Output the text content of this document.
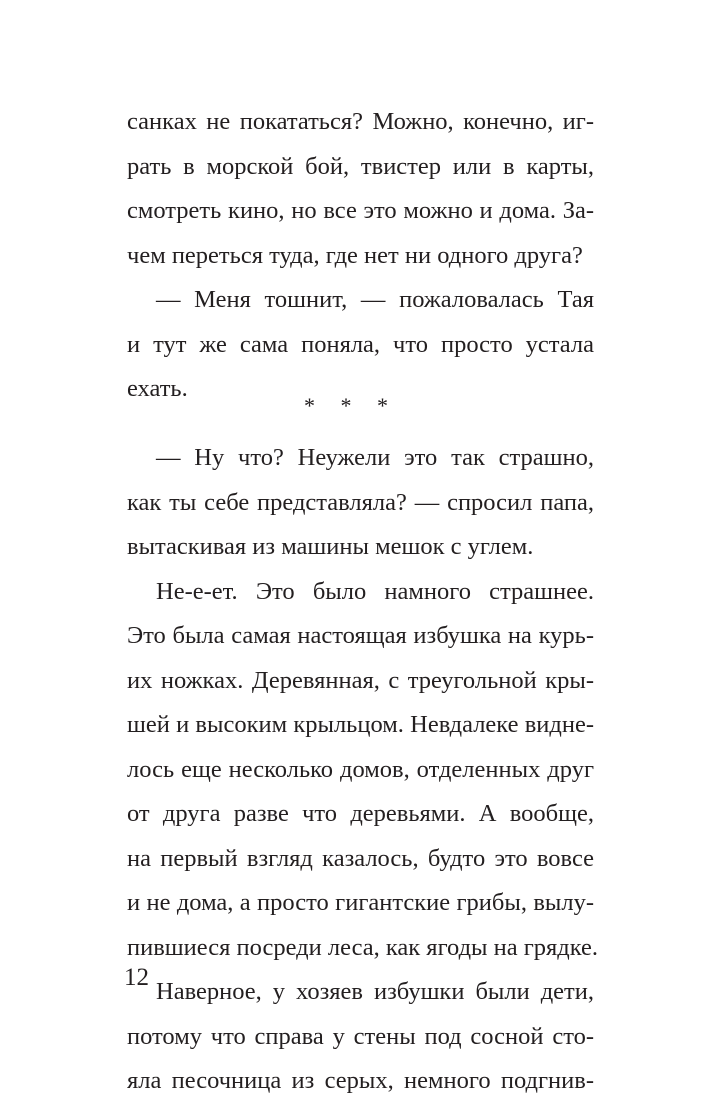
санках не покататься? Можно, конечно, иг-
рать в морской бой, твистер или в карты,
смотреть кино, но все это можно и дома. За-
чем переться туда, где нет ни одного друга?
— Меня тошнит, — пожаловалась Тая
и тут же сама поняла, что просто устала
ехать.
* * *
— Ну что? Неужели это так страшно,
как ты себе представляла? — спросил папа,
вытаскивая из машины мешок с углем.
Не-е-ет. Это было намного страшнее.
Это была самая настоящая избушка на курь-
их ножках. Деревянная, с треугольной кры-
шей и высоким крыльцом. Невдалеке видне-
лось еще несколько домов, отделенных друг
от друга разве что деревьями. А вообще,
на первый взгляд казалось, будто это вовсе
и не дома, а просто гигантские грибы, вылу-
пившиеся посреди леса, как ягоды на грядке.
Наверное, у хозяев избушки были дети,
потому что справа у стены под сосной сто-
яла песочница из серых, немного подгнив-
12
